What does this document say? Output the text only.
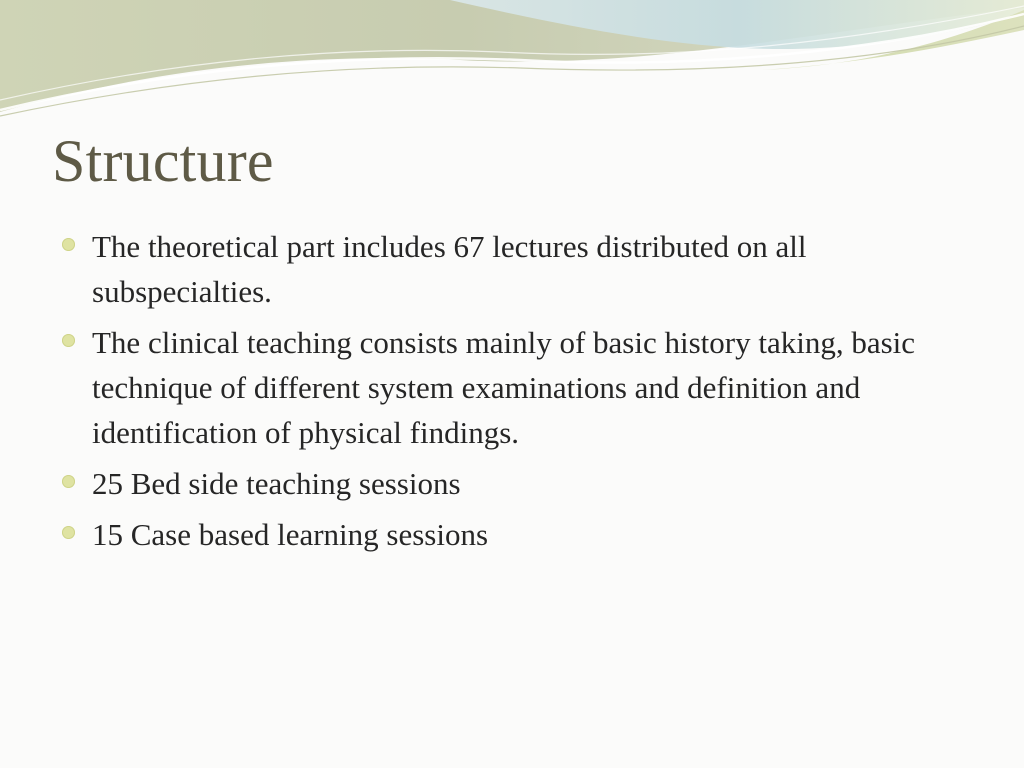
Structure
The theoretical part includes 67 lectures distributed on all subspecialties.
The clinical teaching consists mainly of basic history taking, basic technique of different system examinations and definition and identification of physical findings.
25 Bed side teaching sessions
15 Case based learning sessions
